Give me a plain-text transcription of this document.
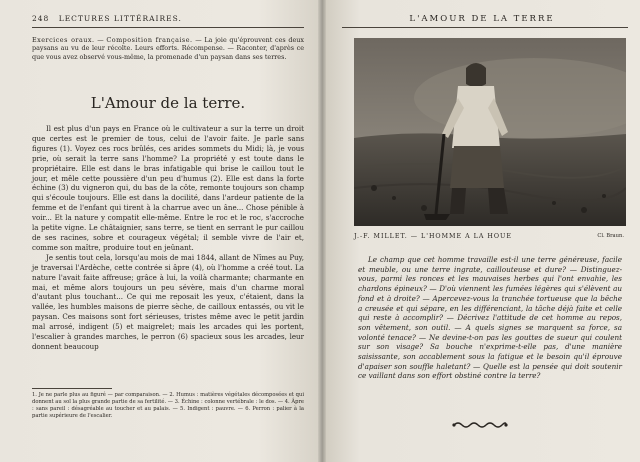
248 LECTURES LITTÉRAIRES.
Exercices oraux. — Composition française. — La joie qu'éprouvent ces deux paysans au vu de leur récolte. Leurs efforts. Récompense. — Raconter, d'après ce que vous avez observé vous-même, la promenade d'un paysan dans ses terres.
L'Amour de la terre.

Il est plus d'un pays en France où le cultivateur a sur la terre un droit que certes est le premier de tous, celui de l'avoir faite. Je parle sans figures (1). Voyez ces rocs brûlés, ces arides sommets du Midi; là, je vous prie, où serait la terre sans l'homme? La propriété y est toute dans le propriétaire. Elle est dans le bras infatigable qui brise le caillou tout le jour, et mêle cette poussière d'un peu d'humus (2). Elle est dans la forte échine (3) du vigneron qui, du bas de la côte, remonte toujours son champ qui s'écoule toujours. Elle est dans la docilité, dans l'ardeur patiente de la femme et de l'enfant qui tirent à la charrue avec un âne... Chose pénible à voir... Et la nature y compatit elle-même. Entre le roc et le roc, s'accroche la petite vigne. Le châtaignier, sans terre, se tient en serrant le pur caillou de ses racines, sobre et courageux végétal; il semble vivre de l'air et, comme son maître, produire tout en jeûnant.

Je sentis tout cela, lorsqu'au mois de mai 1844, allant de Nîmes au Puy, je traversai l'Ardèche, cette contrée si âpre (4), où l'homme a créé tout. La nature l'avait faite affreuse; grâce à lui, la voilà charmante; charmante en mai, et même alors toujours un peu sévère, mais d'un charme moral d'autant plus touchant... Ce qui me reposait les yeux, c'étaient, dans la vallée, les humbles maisons de pierre sèche, de cailloux entassés, ou vit le paysan. Ces maisons sont fort sérieuses, tristes même avec le petit jardin mal arrosé, indigent (5) et maigrelet; mais les arcades qui les portent, l'escalier à grandes marches, le perron (6) spacieux sous les arcades, leur donnent beaucoup

1. Je ne parle plus au figuré — par comparaison. — 2. Humus : matières végétales décomposées et qui donnent au sol la plus grande partie de sa fertilité. — 3. Échine : colonne vertébrale : le dos. — 4. Âpre : sans pareil : désagréable au toucher et au palais. — 5. Indigent : pauvre. — 6. Perron : palier à la partie supérieure de l'escalier.
L'AMOUR DE LA TERRE
J.-F. MILLET. — L'HOMME A LA HOUE	Cl. Braun.

Le champ que cet homme travaille est-il une terre généreuse, facile et meuble, ou une terre ingrate, caillouteuse et dure? — Distinguez-vous, parmi les ronces et les mauvaises herbes qui l'ont envahie, les chardons épineux? — D'où viennent les fumées légères qui s'élèvent au fond et à droite? — Apercevez-vous la tranchée tortueuse que la bêche a creusée et qui sépare, en les différenciant, la tâche déjà faite et celle qui reste à accomplir? — Décrivez l'attitude de cet homme au repos, son vêtement, son outil. — A quels signes se marquent sa force, sa volonté tenace? — Ne devine-t-on pas les gouttes de sueur qui coulent sur son visage? Sa bouche n'exprime-t-elle pas, d'une manière saisissante, son accablement sous la fatigue et le besoin qu'il éprouve d'apaiser son souffle haletant? — Quelle est la pensée qui doit soutenir ce vaillant dans son effort obstiné contre la terre?
